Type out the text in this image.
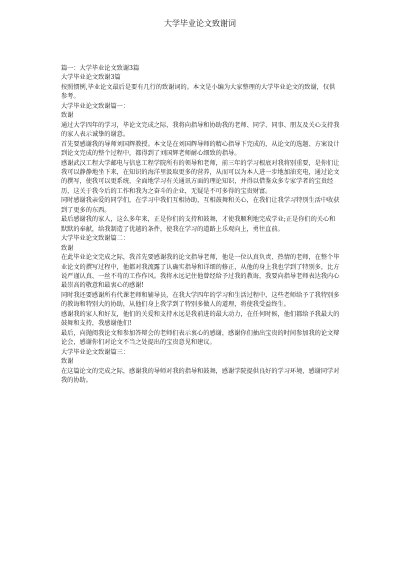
大学毕业论文致谢词

篇一：大学毕业论文致谢3篇

大学毕业论文致谢3篇

按照惯例,毕业论文最后是要有几行的致谢词的。本文是小编为大家整理的大学毕业论文的致谢，仅供参考。

大学毕业论文致谢篇一：

致谢

通过大学四年的学习，毕论文完成之际，我将向指导和协助我的老师、同学、同事、朋友及关心支持我的家人表示诚挚的谢意。

首先要感谢我的导师刘国辉教授。本文是在刘国辉导师的精心指导下完成的，从论文的选题、方案设计到论文完成的整个过程中，都得到了刘国辉老师耐心细致的指导。

感谢武汉工程大学邮电与信息工程学院所有的领导和老师，前三年的学习根底对我将别重要，是你们让我可以静静地坐下来，在知识的海洋里汲取更多的营养，从而可以为本人进一步地加油充电，通过论文的撰写，使我可以更系统、全面地学习有关通讯方面的理论知识，并得以借鉴众多专家学者的宝贵经历，这关于我今后的工作和我为之奋斗的企业，无疑是不可多得的宝贵财富。

同时感谢我亲爱的同学们，在学习中我们互相协助，互相鼓舞和关心，在我们让我学习特别生活中收获到了更多的东西。

最后感谢我的家人，这么多年来，正是你们的支持和鼓舞，才使我顺利地完成学业;正是你们的关心和默默的奉献，给我制造了优越的条件，使我在学习的道路上乐观向上，勇往直前。

大学毕业论文致谢篇二：

致谢

在此毕业论文完成之际，我首先要感谢我的论文指导老师，他是一位认真负责、热情的老师，在整个毕业论文的撰写过程中，他都对我流露了认确实指导和详细的修正，从他的身上我也学到了特别多，比方说严谨认真、一丝不苟的工作作风。我将永远记住他曾经给予过我的教诲，我要向指导老师表达我内心最崇高的敬意和最衷心的感谢!

同时我还要感谢所有代课老师和辅导员，在我大学四年的学习和生活过程中，这些老师给予了我特别多的教诲和特别大的协助，从他们身上我学到了特别多做人的道理，将使我受益终生。

感谢我的家人和好友，他们的关爱和支持永远是我前进的最大动力，在任何时候，他们都给予我最大的鼓舞和支持，我感谢他们!

最后，向抛阅我论文和参加答辩会的老师们表示衷心的感谢，感谢你们抽出宝贵的时间参加我的论文辩论会，感谢你们对论文不当之处提出的宝贵意见和建议。

大学毕业论文致谢篇三：

致谢

在这篇论文的完成之际，感谢我的导师对我的指导和鼓舞，感谢学院提供良好的学习环境，感谢同学对我的协助。
